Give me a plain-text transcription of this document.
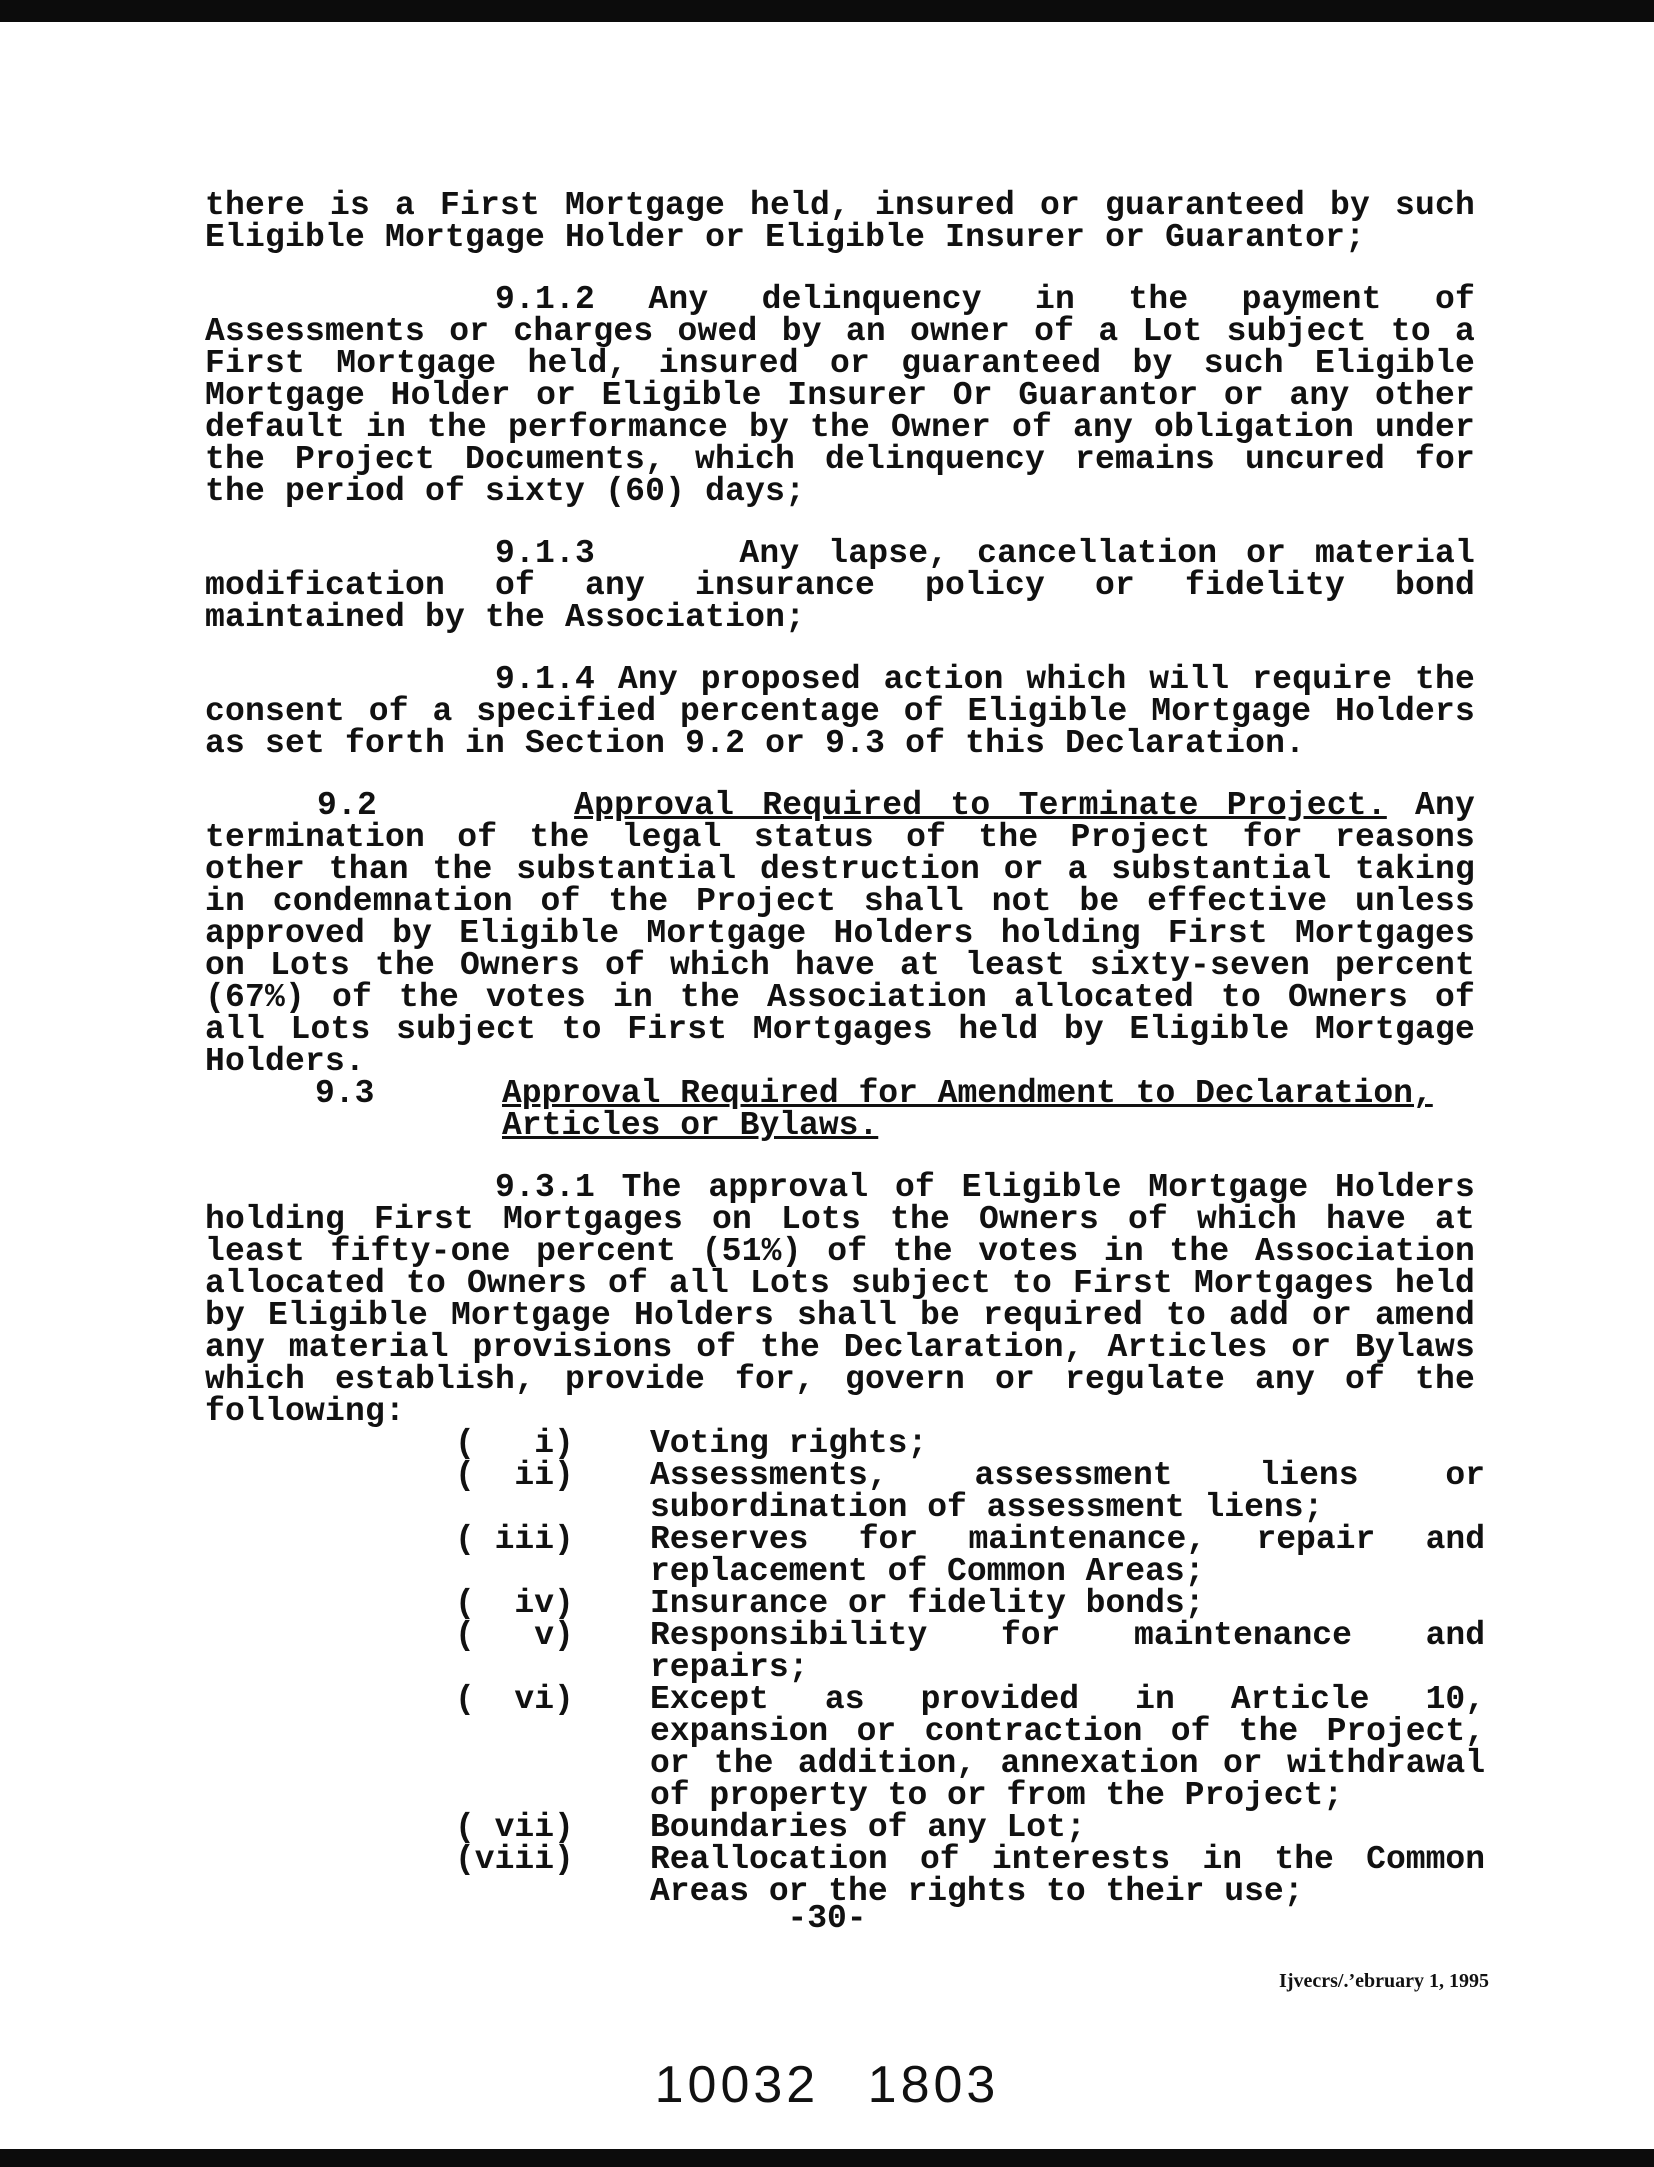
there is a First Mortgage held, insured or guaranteed by such Eligible Mortgage Holder or Eligible Insurer or Guarantor;
9.1.2 Any delinquency in the payment of Assessments or charges owed by an owner of a Lot subject to a First Mortgage held, insured or guaranteed by such Eligible Mortgage Holder or Eligible Insurer Or Guarantor or any other default in the performance by the Owner of any obligation under the Project Documents, which delinquency remains uncured for the period of sixty (60) days;
9.1.3	Any lapse, cancellation or material modification of any insurance policy or fidelity bond maintained by the Association;
9.1.4 Any proposed action which will require the consent of a specified percentage of Eligible Mortgage Holders as set forth in Section 9.2 or 9.3 of this Declaration.
9.2	Approval Required to Terminate Project. Any termination of the legal status of the Project for reasons other than the substantial destruction or a substantial taking in condemnation of the Project shall not be effective unless approved by Eligible Mortgage Holders holding First Mortgages on Lots the Owners of which have at least sixty-seven percent (67%) of the votes in the Association allocated to Owners of all Lots subject to First Mortgages held by Eligible Mortgage Holders.
9.3	Approval Required for Amendment to Declaration,
Articles or Bylaws.
9.3.1 The approval of Eligible Mortgage Holders holding First Mortgages on Lots the Owners of which have at least fifty-one percent (51%) of the votes in the Association allocated to Owners of all Lots subject to First Mortgages held by Eligible Mortgage Holders shall be required to add or amend any material provisions of the Declaration, Articles or Bylaws which establish, provide for, govern or regulate any of the following:
(   i)	Voting rights;
(  ii)	Assessments, assessment liens or subordination of assessment liens;
( iii)	Reserves for maintenance, repair and replacement of Common Areas;
(  iv)	Insurance or fidelity bonds;
(   v)	Responsibility for maintenance and repairs;
(  vi)	Except as provided in Article 10, expansion or contraction of the Project, or the addition, annexation or withdrawal of property to or from the Project;
( vii)	Boundaries of any Lot;
(viii)	Reallocation of interests in the Common Areas or the rights to their use;
-30-
Ijvecrs/.’ebruary 1, 1995
10032 1803
